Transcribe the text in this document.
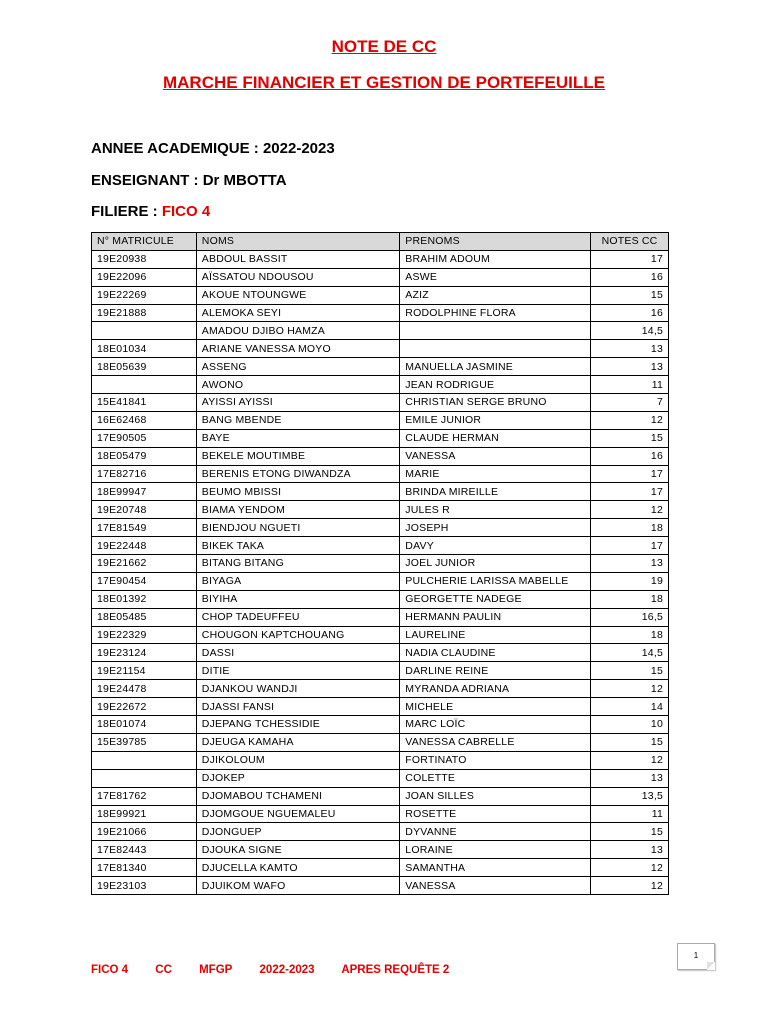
NOTE DE CC
MARCHE FINANCIER ET GESTION DE PORTEFEUILLE
ANNEE ACADEMIQUE : 2022-2023
ENSEIGNANT : Dr MBOTTA
FILIERE : FICO 4
N° MATRICULE	NOMS	PRENOMS	NOTES CC
19E20938	ABDOUL BASSIT	BRAHIM ADOUM	17
19E22096	AÏSSATOU NDOUSOU	ASWE	16
19E22269	AKOUE NTOUNGWE	AZIZ	15
19E21888	ALEMOKA SEYI	RODOLPHINE FLORA	16
	AMADOU DJIBO HAMZA		14,5
18E01034	ARIANE VANESSA MOYO		13
18E05639	ASSENG	MANUELLA JASMINE	13
	AWONO	JEAN RODRIGUE	11
15E41841	AYISSI AYISSI	CHRISTIAN SERGE BRUNO	7
16E62468	BANG MBENDE	EMILE JUNIOR	12
17E90505	BAYE	CLAUDE HERMAN	15
18E05479	BEKELE MOUTIMBE	VANESSA	16
17E82716	BERENIS ETONG DIWANDZA	MARIE	17
18E99947	BEUMO MBISSI	BRINDA MIREILLE	17
19E20748	BIAMA YENDOM	JULES R	12
17E81549	BIENDJOU NGUETI	JOSEPH	18
19E22448	BIKEK TAKA	DAVY	17
19E21662	BITANG BITANG	JOEL JUNIOR	13
17E90454	BIYAGA	PULCHERIE LARISSA MABELLE	19
18E01392	BIYIHA	GEORGETTE NADEGE	18
18E05485	CHOP TADEUFFEU	HERMANN PAULIN	16,5
19E22329	CHOUGON KAPTCHOUANG	LAURELINE	18
19E23124	DASSI	NADIA CLAUDINE	14,5
19E21154	DITIE	DARLINE REINE	15
19E24478	DJANKOU WANDJI	MYRANDA ADRIANA	12
19E22672	DJASSI FANSI	MICHELE	14
18E01074	DJEPANG TCHESSIDIE	MARC LOÏC	10
15E39785	DJEUGA KAMAHA	VANESSA CABRELLE	15
	DJIKOLOUM	FORTINATO	12
	DJOKEP	COLETTE	13
17E81762	DJOMABOU TCHAMENI	JOAN SILLES	13,5
18E99921	DJOMGOUE NGUEMALEU	ROSETTE	11
19E21066	DJONGUEP	DYVANNE	15
17E82443	DJOUKA SIGNE	LORAINE	13
17E81340	DJUCELLA KAMTO	SAMANTHA	12
19E23103	DJUIKOM WAFO	VANESSA	12
FICO 4 CC MFGP 2022-2023 APRES REQUÊTE 2
1
